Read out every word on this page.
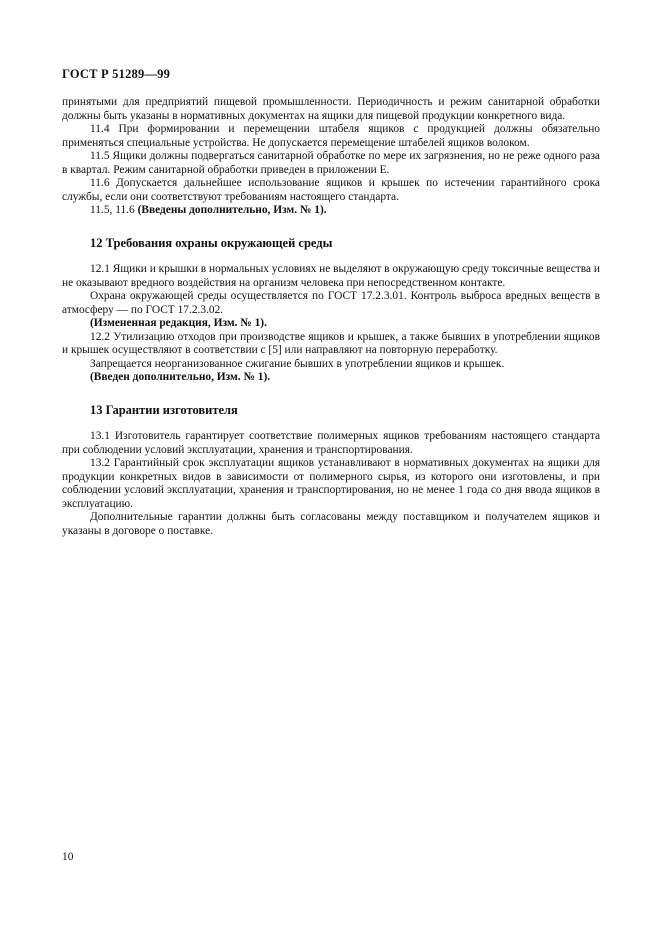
ГОСТ Р 51289—99

принятыми для предприятий пищевой промышленности. Периодичность и режим санитарной обработки должны быть указаны в нормативных документах на ящики для пищевой продукции конкретного вида.

11.4 При формировании и перемещении штабеля ящиков с продукцией должны обязательно применяться специальные устройства. Не допускается перемещение штабелей ящиков волоком.

11.5 Ящики должны подвергаться санитарной обработке по мере их загрязнения, но не реже одного раза в квартал. Режим санитарной обработки приведен в приложении Е.

11.6 Допускается дальнейшее использование ящиков и крышек по истечении гарантийного срока службы, если они соответствуют требованиям настоящего стандарта.

11.5, 11.6 (Введены дополнительно, Изм. № 1).

12 Требования охраны окружающей среды

12.1 Ящики и крышки в нормальных условиях не выделяют в окружающую среду токсичные вещества и не оказывают вредного воздействия на организм человека при непосредственном контакте.

Охрана окружающей среды осуществляется по ГОСТ 17.2.3.01. Контроль выброса вредных веществ в атмосферу — по ГОСТ 17.2.3.02.

(Измененная редакция, Изм. № 1).

12.2 Утилизацию отходов при производстве ящиков и крышек, а также бывших в употреблении ящиков и крышек осуществляют в соответствии с [5] или направляют на повторную переработку.

Запрещается неорганизованное сжигание бывших в употреблении ящиков и крышек.

(Введен дополнительно, Изм. № 1).

13 Гарантии изготовителя

13.1 Изготовитель гарантирует соответствие полимерных ящиков требованиям настоящего стандарта при соблюдении условий эксплуатации, хранения и транспортирования.

13.2 Гарантийный срок эксплуатации ящиков устанавливают в нормативных документах на ящики для продукции конкретных видов в зависимости от полимерного сырья, из которого они изготовлены, и при соблюдении условий эксплуатации, хранения и транспортирования, но не менее 1 года со дня ввода ящиков в эксплуатацию.

Дополнительные гарантии должны быть согласованы между поставщиком и получателем ящиков и указаны в договоре о поставке.

10
